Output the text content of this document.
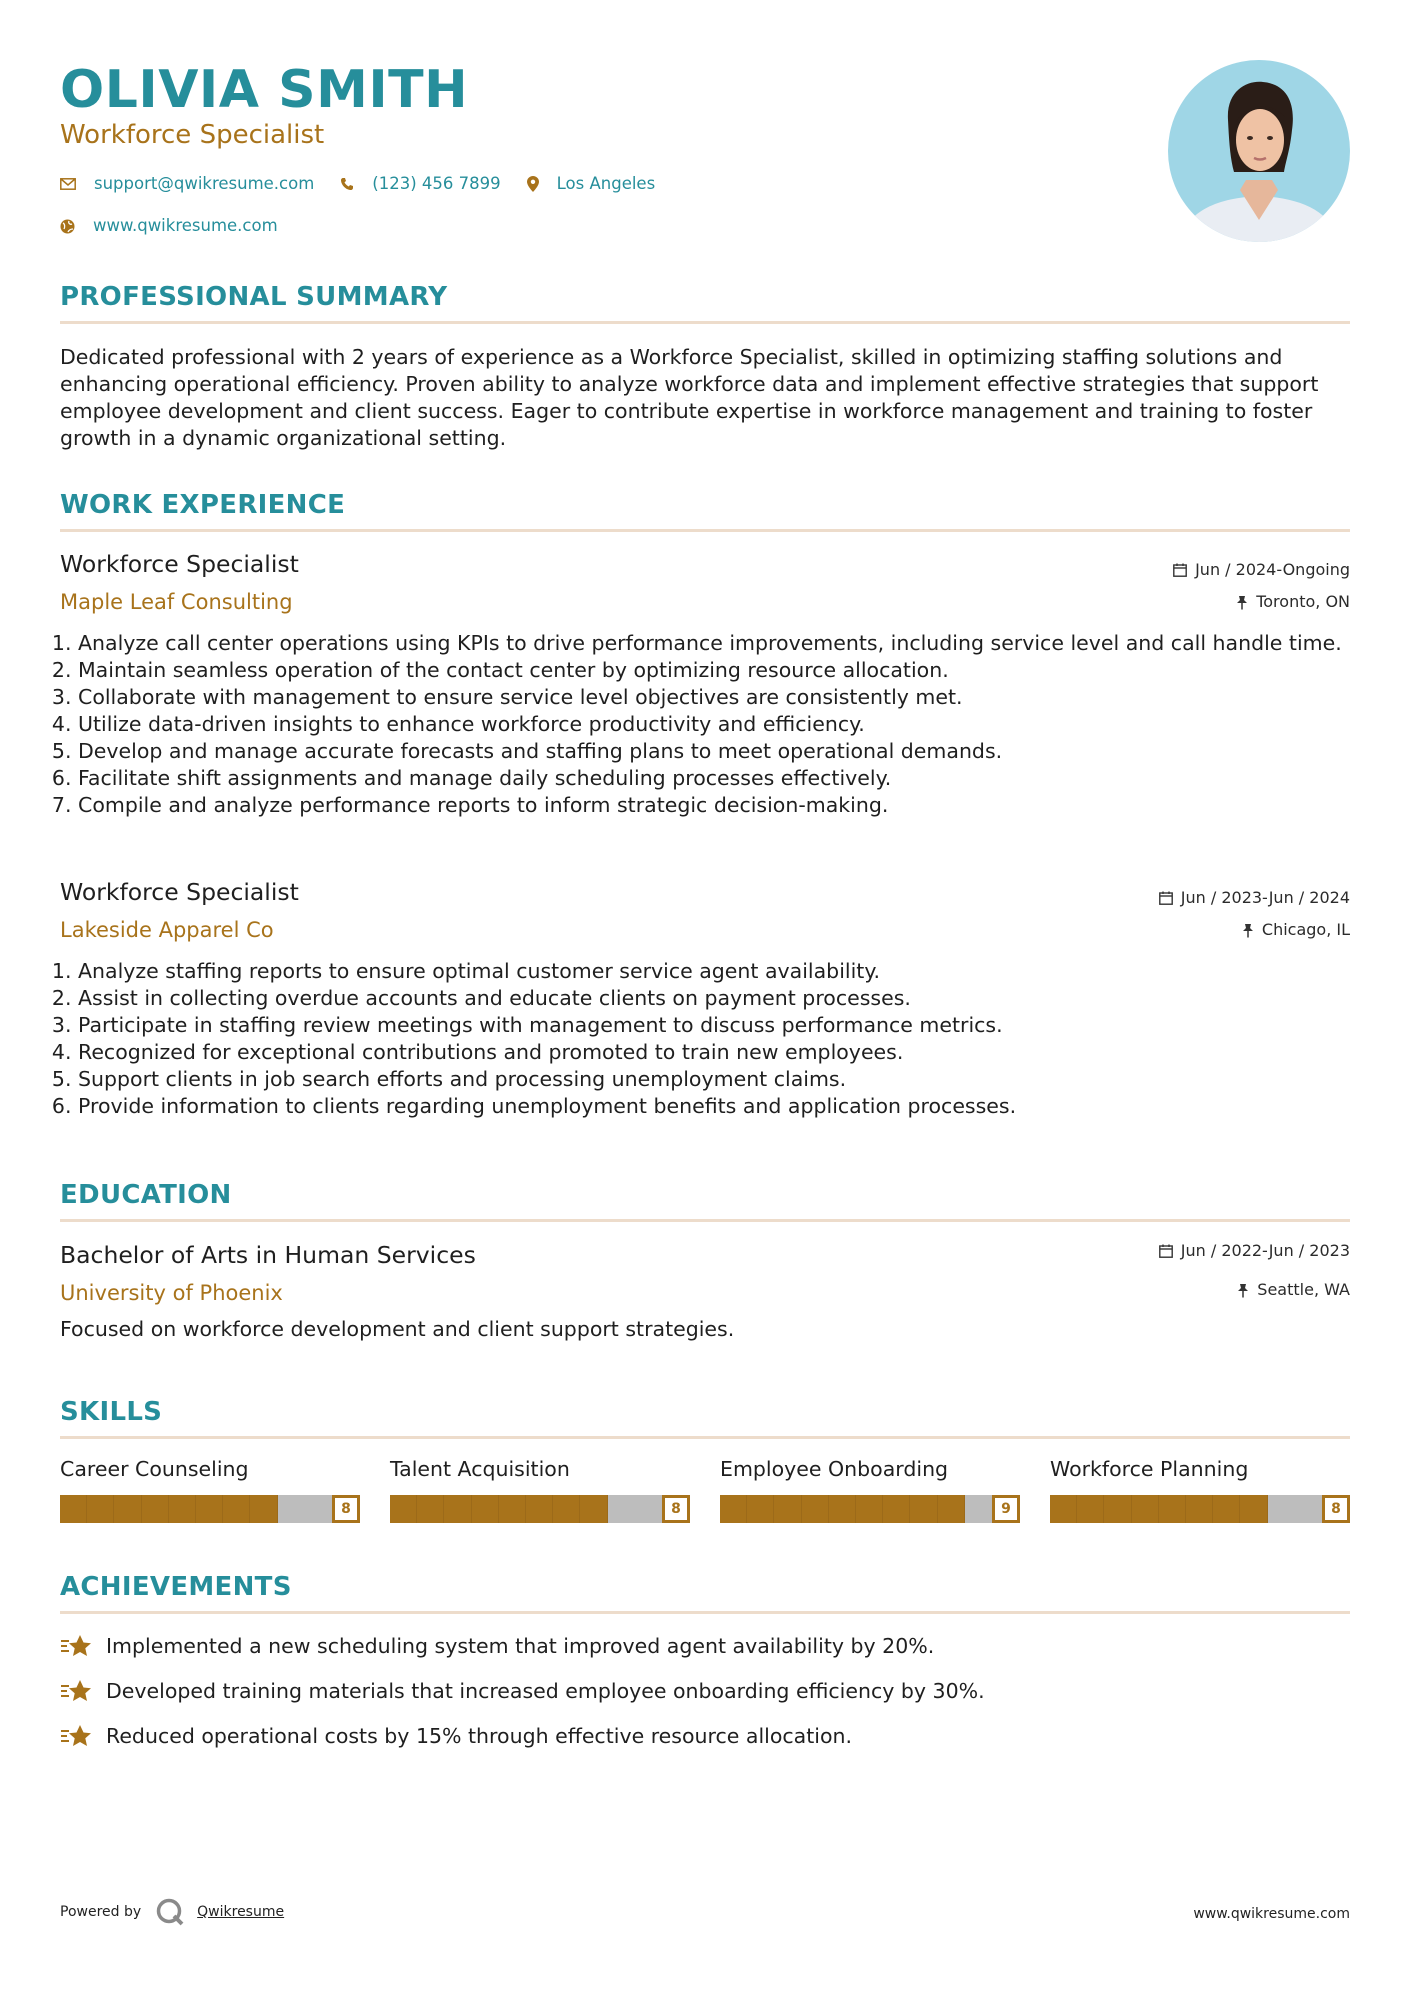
OLIVIA SMITH
Workforce Specialist
support@qwikresume.com	(123) 456 7899	Los Angeles
www.qwikresume.com
PROFESSIONAL SUMMARY

Dedicated professional with 2 years of experience as a Workforce Specialist, skilled in optimizing staffing solutions and enhancing operational efficiency. Proven ability to analyze workforce data and implement effective strategies that support employee development and client success. Eager to contribute expertise in workforce management and training to foster growth in a dynamic organizational setting.

WORK EXPERIENCE
Workforce Specialist
Maple Leaf Consulting
Jun / 2024-Ongoing
Toronto, ON
1. Analyze call center operations using KPIs to drive performance improvements, including service level and call handle time.
2. Maintain seamless operation of the contact center by optimizing resource allocation.
3. Collaborate with management to ensure service level objectives are consistently met.
4. Utilize data-driven insights to enhance workforce productivity and efficiency.
5. Develop and manage accurate forecasts and staffing plans to meet operational demands.
6. Facilitate shift assignments and manage daily scheduling processes effectively.
7. Compile and analyze performance reports to inform strategic decision-making.
Workforce Specialist
Lakeside Apparel Co
Jun / 2023-Jun / 2024
Chicago, IL
1. Analyze staffing reports to ensure optimal customer service agent availability.
2. Assist in collecting overdue accounts and educate clients on payment processes.
3. Participate in staffing review meetings with management to discuss performance metrics.
4. Recognized for exceptional contributions and promoted to train new employees.
5. Support clients in job search efforts and processing unemployment claims.
6. Provide information to clients regarding unemployment benefits and application processes.
EDUCATION
Bachelor of Arts in Human Services
University of Phoenix
Jun / 2022-Jun / 2023
Seattle, WA

Focused on workforce development and client support strategies.

SKILLS
Career Counseling
8
Talent Acquisition
8
Employee Onboarding
9
Workforce Planning
8
ACHIEVEMENTS
Implemented a new scheduling system that improved agent availability by 20%.
Developed training materials that increased employee onboarding efficiency by 30%.
Reduced operational costs by 15% through effective resource allocation.
Powered by	Qwikresume	www.qwikresume.com
